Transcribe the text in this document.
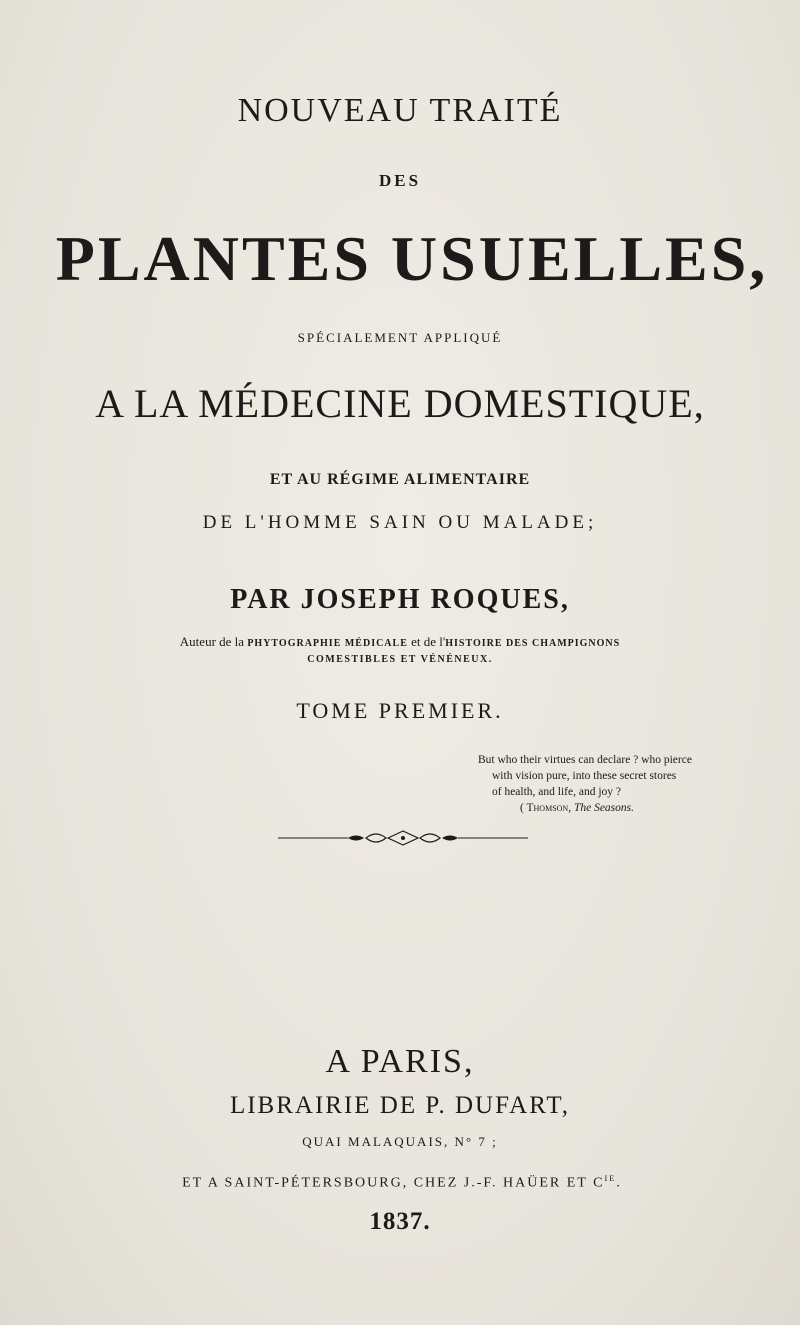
NOUVEAU TRAITÉ
DES
PLANTES USUELLES,
SPÉCIALEMENT APPLIQUÉ
A LA MÉDECINE DOMESTIQUE,
ET AU RÉGIME ALIMENTAIRE
DE L'HOMME SAIN OU MALADE;
PAR JOSEPH ROQUES,
Auteur de la PHYTOGRAPHIE MÉDICALE et de l'HISTOIRE DES CHAMPIGNONS
COMESTIBLES ET VÉNÉNEUX.
TOME PREMIER.
But who their virtues can declare ? who pierce
with vision pure, into these secret stores
of health, and life, and joy ?
( Thomson, The Seasons.
A PARIS,
LIBRAIRIE DE P. DUFART,
QUAI MALAQUAIS, N° 7 ;
ET A SAINT-PÉTERSBOURG, CHEZ J.-F. HAÜER ET $C^{IE}$.
1837.
